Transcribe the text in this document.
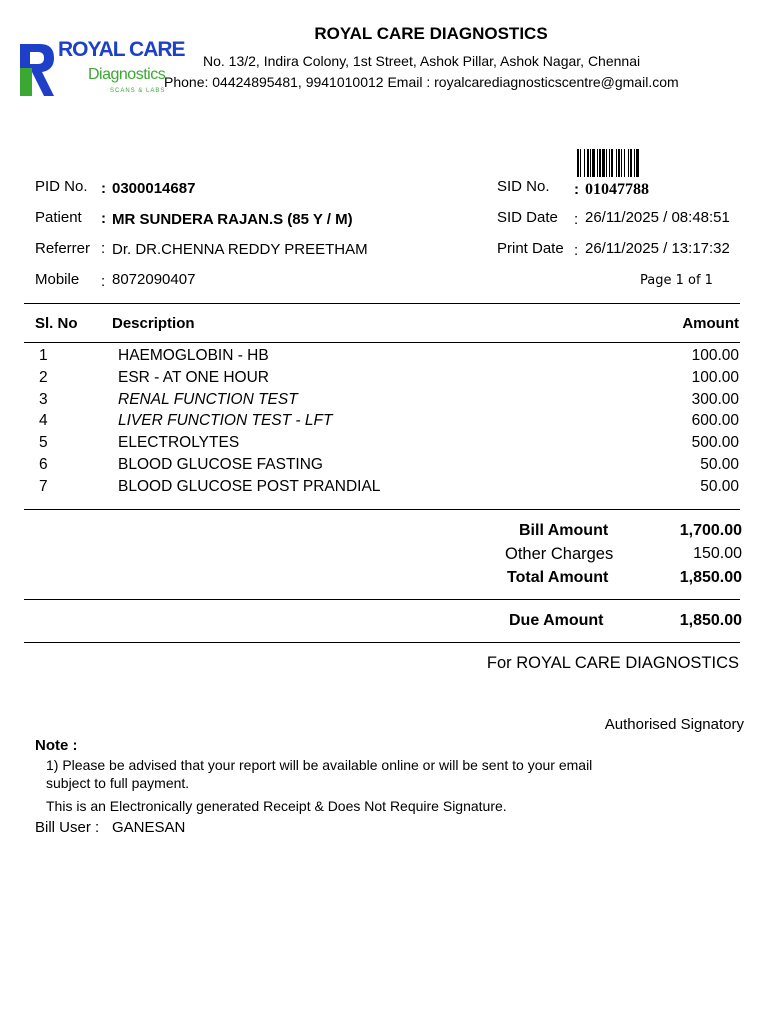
ROYAL CARE
Diagnostics
SCANS & LABS
ROYAL CARE DIAGNOSTICS
No. 13/2, Indira Colony, 1st Street, Ashok Pillar, Ashok Nagar, Chennai
Phone: 04424895481, 9941010012 Email : royalcarediagnosticscentre@gmail.com
PID No. : 0300014687
Patient : MR SUNDERA RAJAN.S (85 Y / M)
Referrer : Dr. DR.CHENNA REDDY PREETHAM
Mobile : 8072090407
SID No. : 01047788
SID Date : 26/11/2025 / 08:48:51
Print Date : 26/11/2025 / 13:17:32
Page 1 of 1
Sl. No Description	Amount
1	HAEMOGLOBIN - HB	100.00
2	ESR - AT ONE HOUR	100.00
3	RENAL FUNCTION TEST	300.00
4	LIVER FUNCTION TEST - LFT	600.00
5	ELECTROLYTES	500.00
6	BLOOD GLUCOSE FASTING	50.00
7	BLOOD GLUCOSE POST PRANDIAL	50.00
Bill Amount	1,700.00
Other Charges	150.00
Total Amount	1,850.00
Due Amount	1,850.00
For ROYAL CARE DIAGNOSTICS
Authorised Signatory
Note :
1) Please be advised that your report will be available online or will be sent to your email
subject to full payment.
This is an Electronically generated Receipt & Does Not Require Signature.
Bill User : GANESAN
